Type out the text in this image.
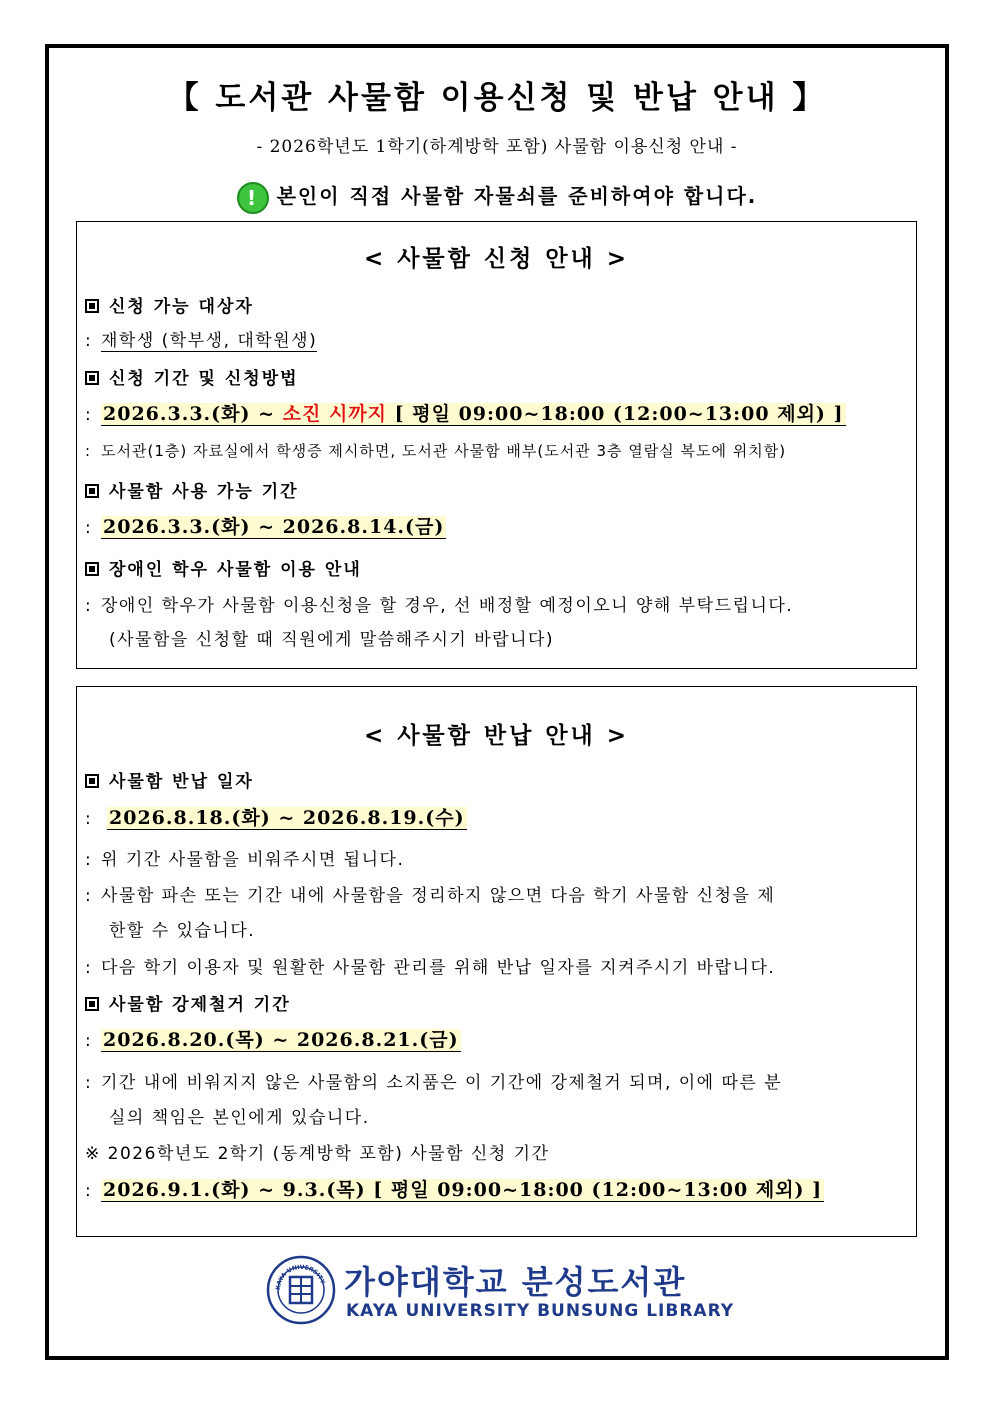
【 도서관 사물함 이용신청 및 반납 안내 】
- 2026학년도 1학기(하계방학 포함) 사물함 이용신청 안내 -
! 본인이 직접 사물함 자물쇠를 준비하여야 합니다.
< 사물함 신청 안내 >
신청 가능 대상자
: 재학생 (학부생, 대학원생)
신청 기간 및 신청방법
: 2026.3.3.(화) ~ 소진 시까지 [ 평일 09:00~18:00 (12:00~13:00 제외) ]
: 도서관(1층) 자료실에서 학생증 제시하면, 도서관 사물함 배부(도서관 3층 열람실 복도에 위치함)
사물함 사용 가능 기간
: 2026.3.3.(화) ~ 2026.8.14.(금)
장애인 학우 사물함 이용 안내
: 장애인 학우가 사물함 이용신청을 할 경우, 선 배정할 예정이오니 양해 부탁드립니다.
(사물함을 신청할 때 직원에게 말씀해주시기 바랍니다)
< 사물함 반납 안내 >
사물함 반납 일자
: 2026.8.18.(화) ~ 2026.8.19.(수)
: 위 기간 사물함을 비워주시면 됩니다.
: 사물함 파손 또는 기간 내에 사물함을 정리하지 않으면 다음 학기 사물함 신청을 제
한할 수 있습니다.
: 다음 학기 이용자 및 원활한 사물함 관리를 위해 반납 일자를 지켜주시기 바랍니다.
사물함 강제철거 기간
: 2026.8.20.(목) ~ 2026.8.21.(금)
: 기간 내에 비워지지 않은 사물함의 소지품은 이 기간에 강제철거 되며, 이에 따른 분
실의 책임은 본인에게 있습니다.
※ 2026학년도 2학기 (동계방학 포함) 사물함 신청 기간
: 2026.9.1.(화) ~ 9.3.(목) [ 평일 09:00~18:00 (12:00~13:00 제외) ]
KAYA UNIVERSITY 가야대학교 분성도서관
KAYA UNIVERSITY BUNSUNG LIBRARY
